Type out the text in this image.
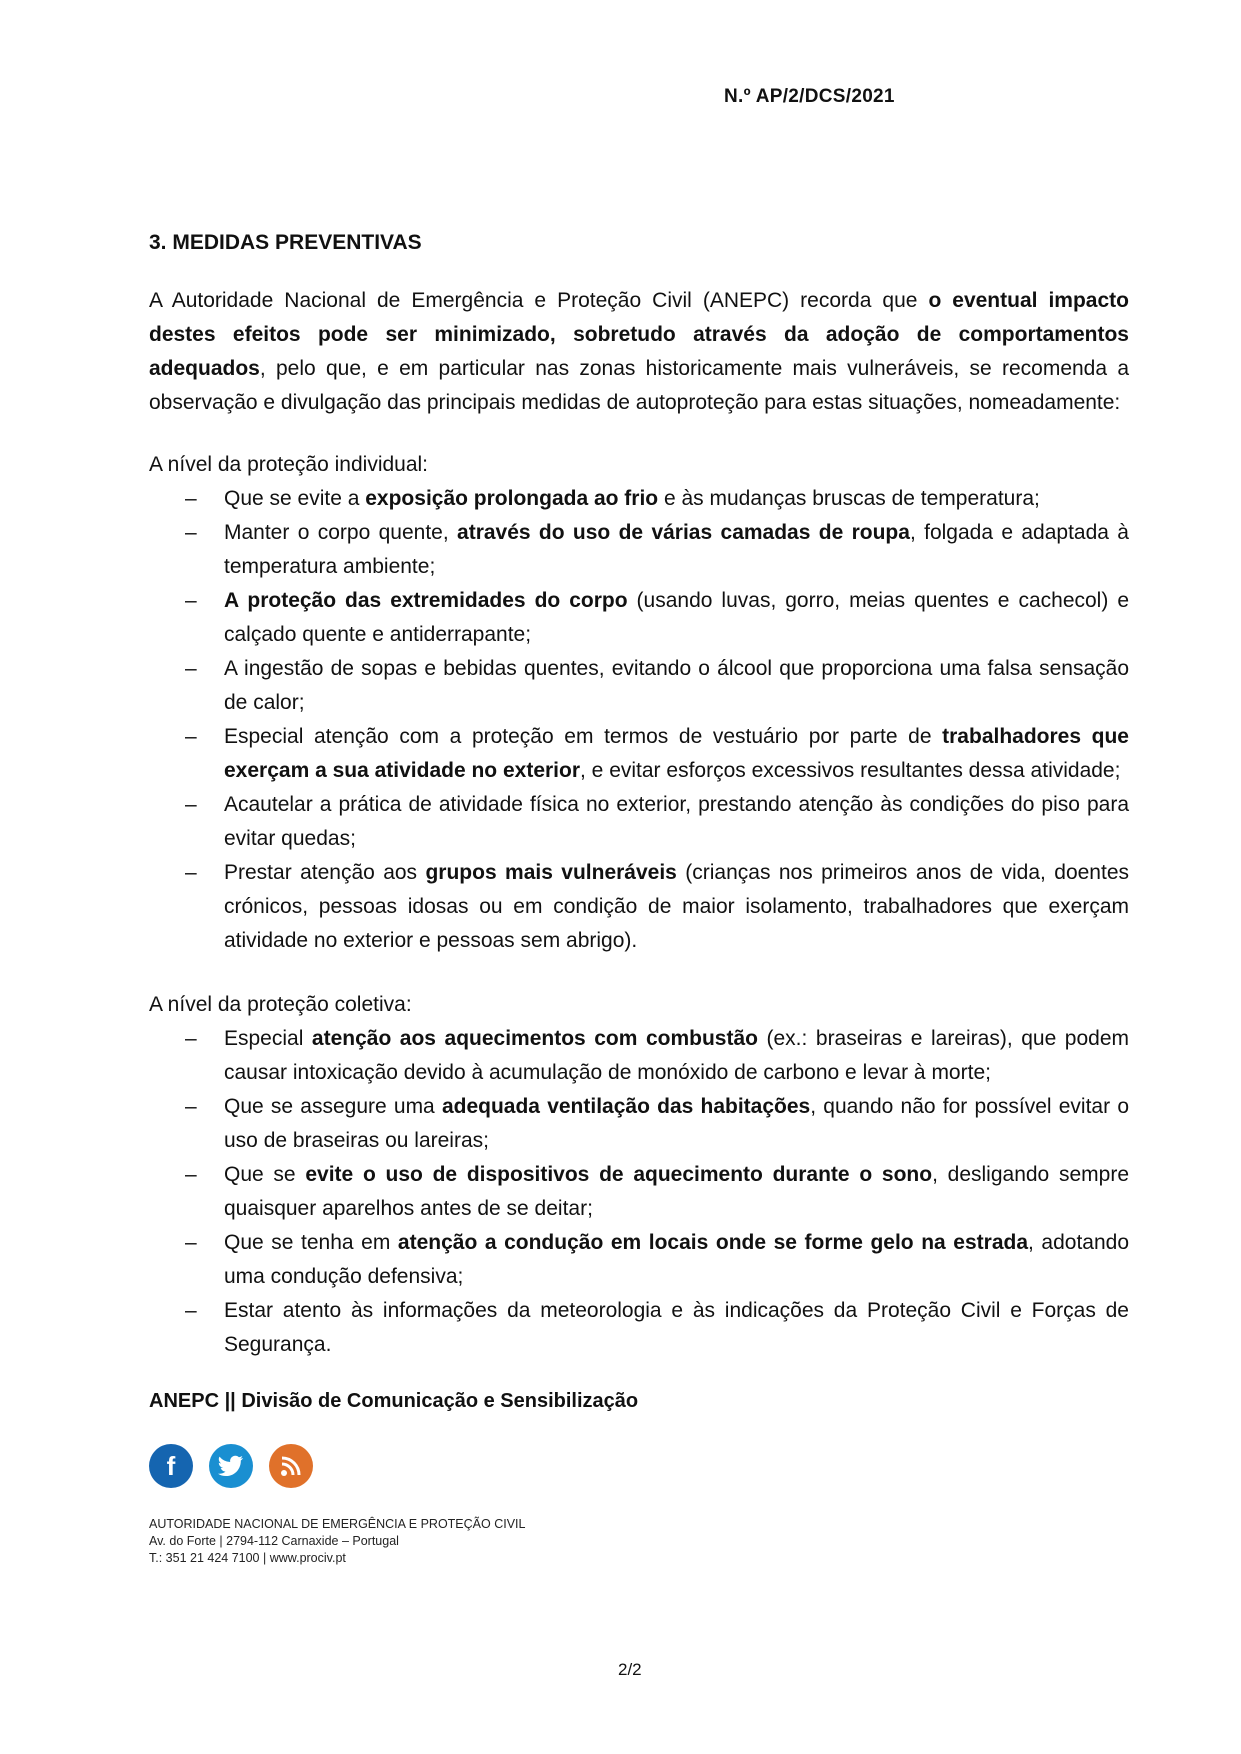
N.º AP/2/DCS/2021
3. MEDIDAS PREVENTIVAS

A Autoridade Nacional de Emergência e Proteção Civil (ANEPC) recorda que o eventual impacto destes efeitos pode ser minimizado, sobretudo através da adoção de comportamentos adequados, pelo que, e em particular nas zonas historicamente mais vulneráveis, se recomenda a observação e divulgação das principais medidas de autoproteção para estas situações, nomeadamente:

A nível da proteção individual:
– Que se evite a exposição prolongada ao frio e às mudanças bruscas de temperatura;
– Manter o corpo quente, através do uso de várias camadas de roupa, folgada e adaptada à temperatura ambiente;
– A proteção das extremidades do corpo (usando luvas, gorro, meias quentes e cachecol) e calçado quente e antiderrapante;
– A ingestão de sopas e bebidas quentes, evitando o álcool que proporciona uma falsa sensação de calor;
– Especial atenção com a proteção em termos de vestuário por parte de trabalhadores que exerçam a sua atividade no exterior, e evitar esforços excessivos resultantes dessa atividade;
– Acautelar a prática de atividade física no exterior, prestando atenção às condições do piso para evitar quedas;
– Prestar atenção aos grupos mais vulneráveis (crianças nos primeiros anos de vida, doentes crónicos, pessoas idosas ou em condição de maior isolamento, trabalhadores que exerçam atividade no exterior e pessoas sem abrigo).
A nível da proteção coletiva:
– Especial atenção aos aquecimentos com combustão (ex.: braseiras e lareiras), que podem causar intoxicação devido à acumulação de monóxido de carbono e levar à morte;
– Que se assegure uma adequada ventilação das habitações, quando não for possível evitar o uso de braseiras ou lareiras;
– Que se evite o uso de dispositivos de aquecimento durante o sono, desligando sempre quaisquer aparelhos antes de se deitar;
– Que se tenha em atenção a condução em locais onde se forme gelo na estrada, adotando uma condução defensiva;
– Estar atento às informações da meteorologia e às indicações da Proteção Civil e Forças de Segurança.
ANEPC || Divisão de Comunicação e Sensibilização
f
AUTORIDADE NACIONAL DE EMERGÊNCIA E PROTEÇÃO CIVIL
Av. do Forte | 2794-112 Carnaxide – Portugal
T.: 351 21 424 7100 | www.prociv.pt
2/2
